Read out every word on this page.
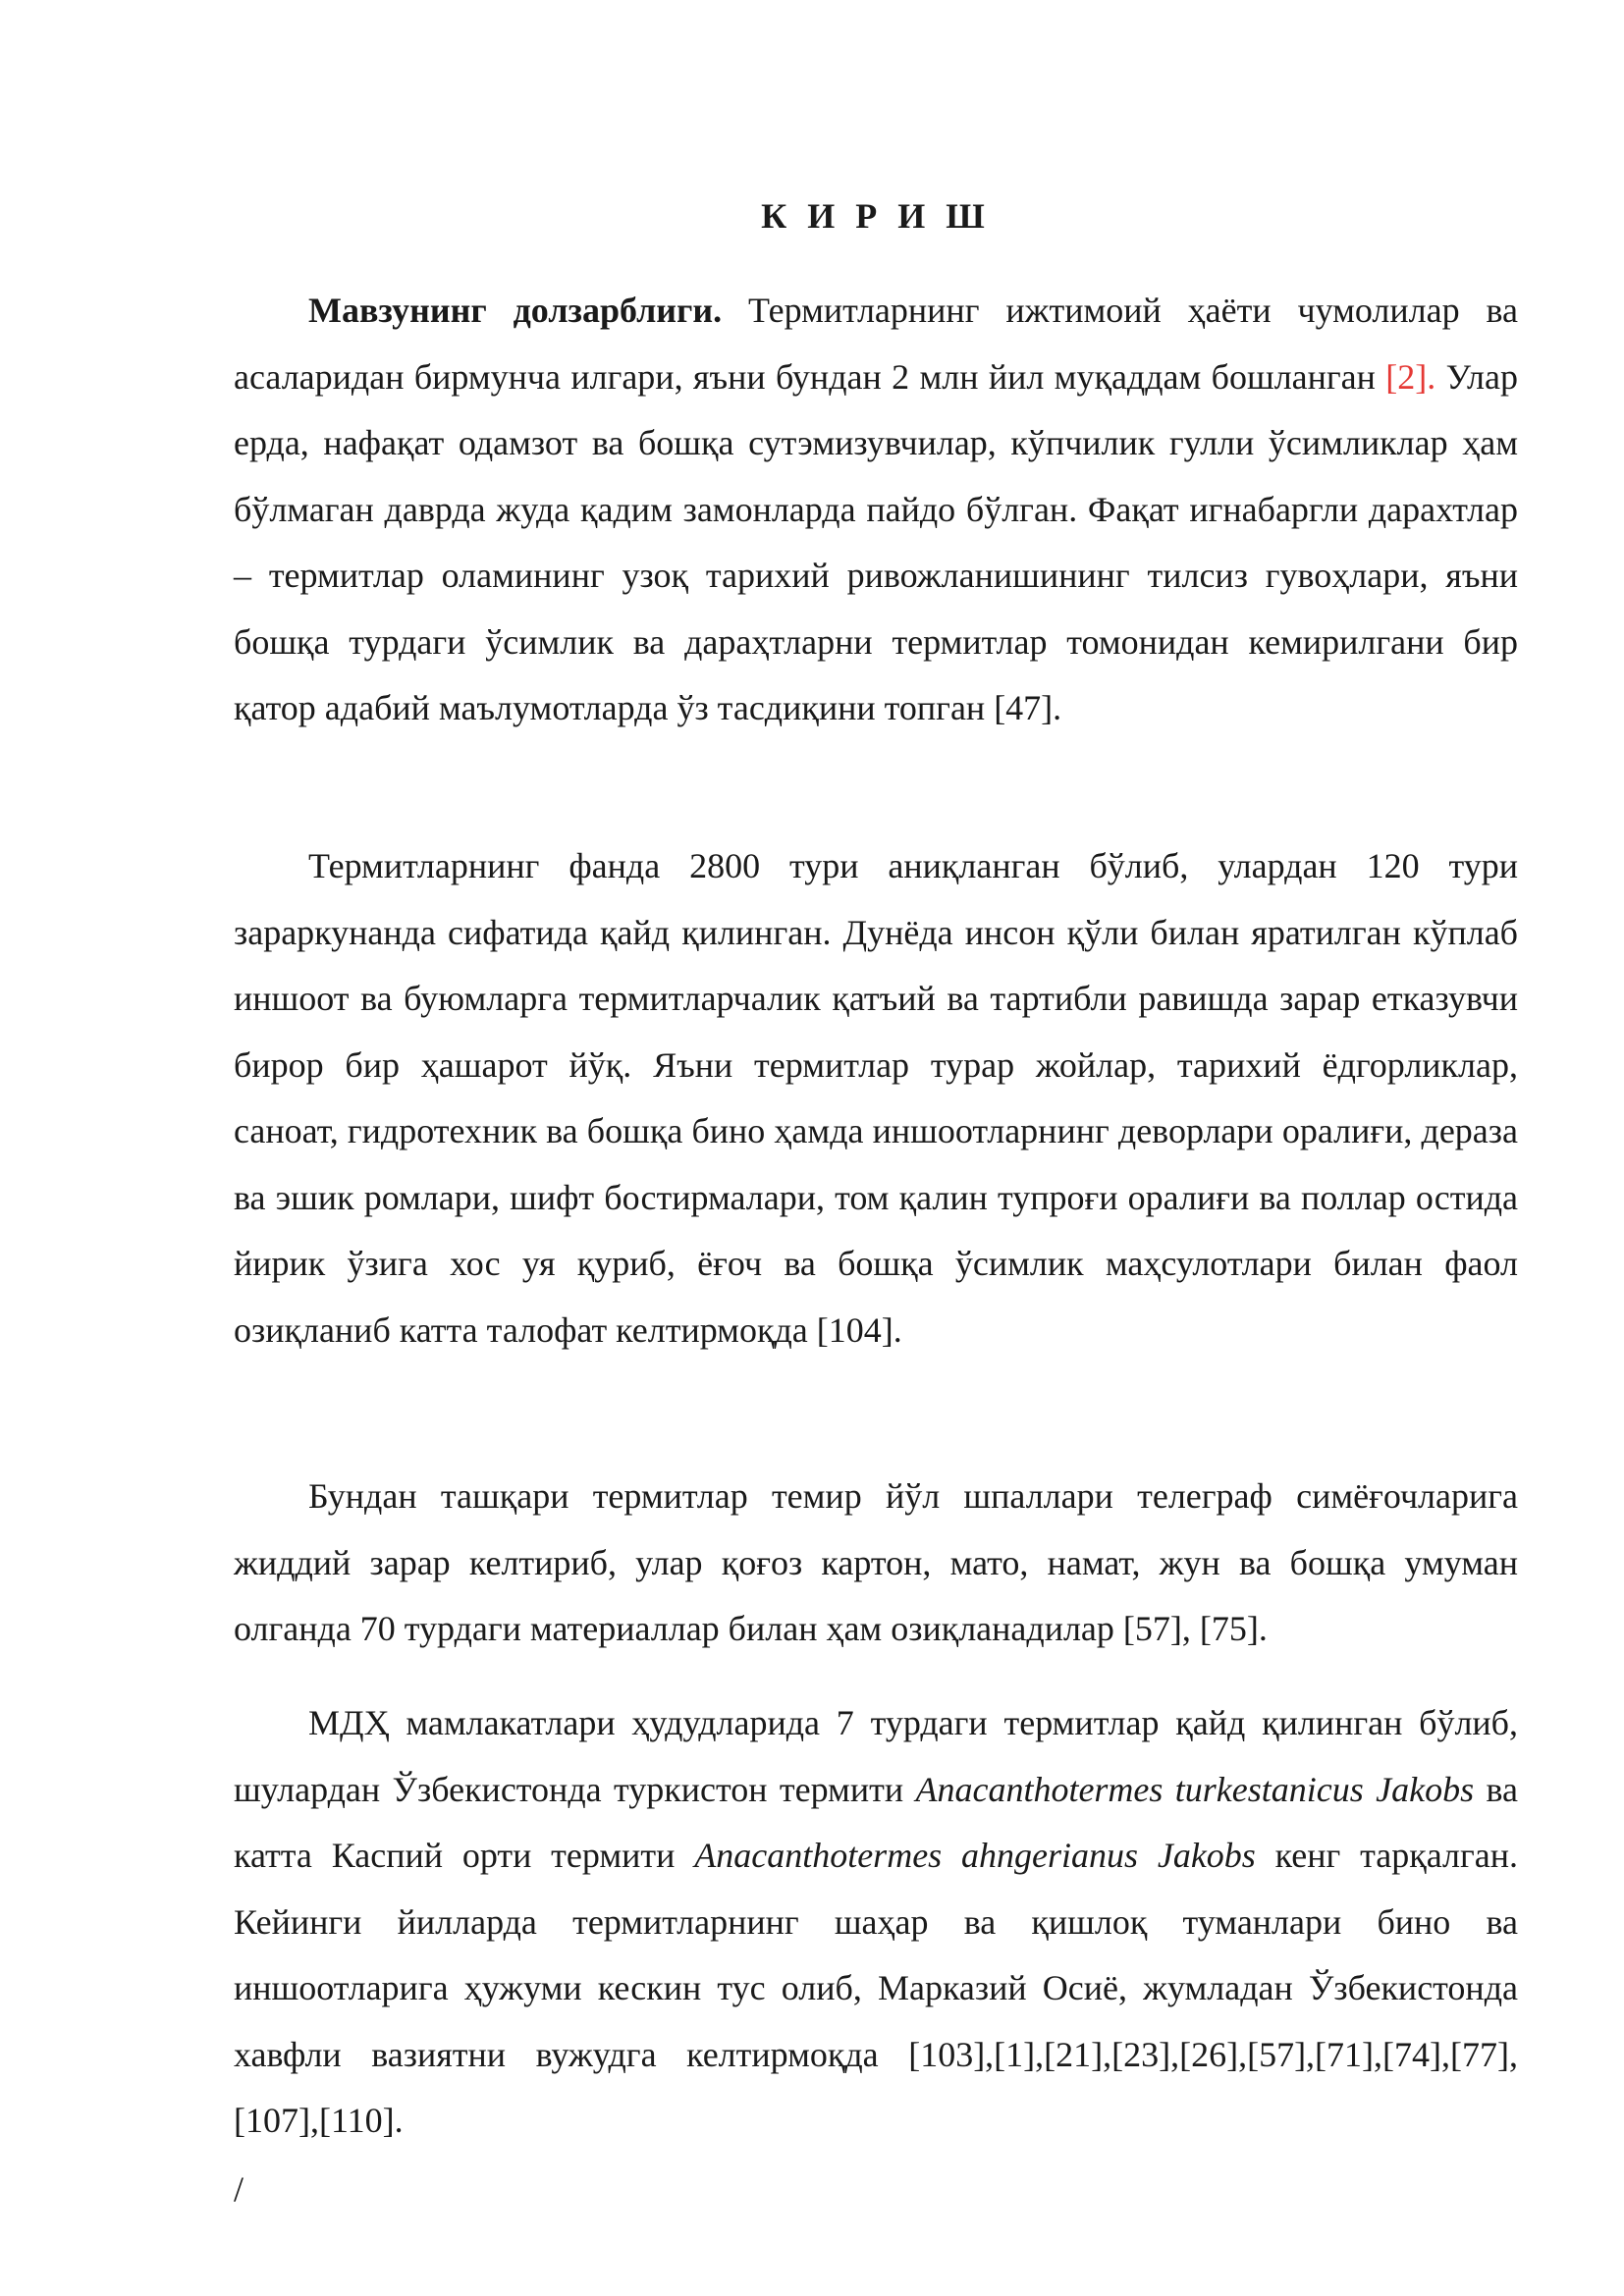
К И Р И Ш

Мавзунинг долзарблиги. Термитларнинг ижтимоий ҳаёти чумолилар ва асаларидан бирмунча илгари, яъни бундан 2 млн йил муқаддам бошланган [2]. Улар ерда, нафақат одамзот ва бошқа сутэмизувчилар, кўпчилик гулли ўсимликлар ҳам бўлмаган даврда жуда қадим замонларда пайдо бўлган. Фақат игнабаргли дарахтлар – термитлар оламининг узоқ тарихий ривожланишининг тилсиз гувоҳлари, яъни бошқа турдаги ўсимлик ва дараҳтларни термитлар томонидан кемирилгани бир қатор адабий маълумотларда ўз тасдиқини топган [47].

Термитларнинг фанда 2800 тури аниқланган бўлиб, улардан 120 тури зараркунанда сифатида қайд қилинган. Дунёда инсон қўли билан яратилган кўплаб иншоот ва буюмларга термитларчалик қатъий ва тартибли равишда зарар етказувчи бирор бир ҳашарот йўқ. Яъни термитлар турар жойлар, тарихий ёдгорликлар, саноат, гидротехник ва бошқа бино ҳамда иншоотларнинг деворлари оралиғи, дераза ва эшик ромлари, шифт бостирмалари, том қалин тупроғи оралиғи ва поллар остида йирик ўзига хос уя қуриб, ёғоч ва бошқа ўсимлик маҳсулотлари билан фаол озиқланиб катта талофат келтирмоқда [104].

Бундан ташқари термитлар темир йўл шпаллари телеграф симёғочларига жиддий зарар келтириб, улар қоғоз картон, мато, намат, жун ва бошқа умуман олганда 70 турдаги материаллар билан ҳам озиқланадилар [57], [75].

МДҲ мамлакатлари ҳудудларида 7 турдаги термитлар қайд қилинган бўлиб, шулардан Ўзбекистонда туркистон термити Anacanthotermes turkestanicus Jakobs ва катта Каспий орти термити Anacanthotermes ahngerianus Jakobs кенг тарқалган. Кейинги йилларда термитларнинг шаҳар ва қишлоқ туманлари бино ва иншоотларига ҳужуми кескин тус олиб, Марказий Осиё, жумладан Ўзбекистонда хавфли вазиятни вужудга келтирмоқда [103],[1],[21],[23],[26],[57],[71],[74],[77],[107],[110].

/
